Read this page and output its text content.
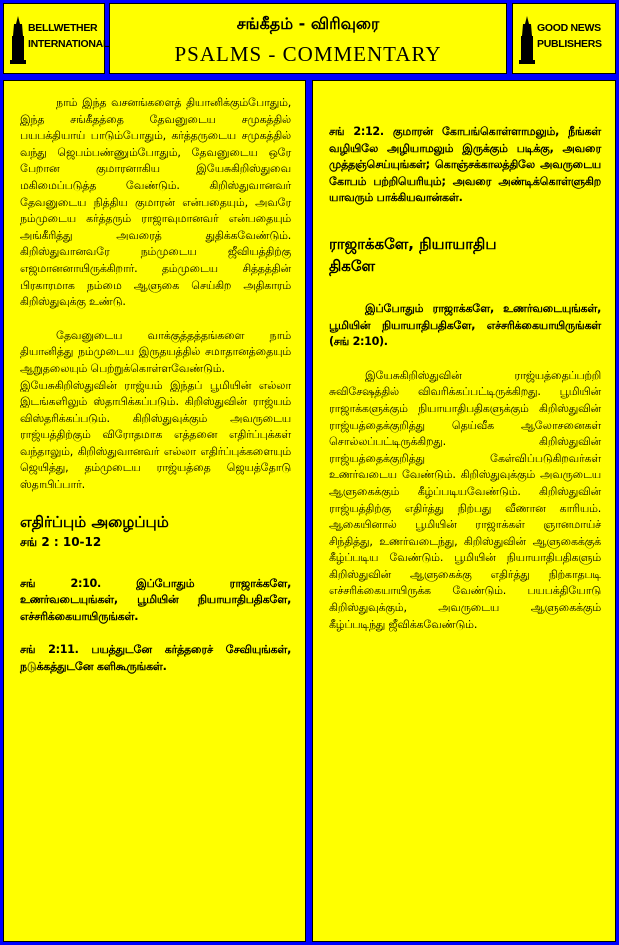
BELLWETHER
INTERNATIONAL
சங்கீதம் - விரிவுரை
PSALMS - COMMENTARY
GOOD NEWS
PUBLISHERS

நாம் இந்த வசனங்களைத் தியானிக்கும்போதும், இந்த சங்கீதத்தை தேவனுடைய சமுகத்தில் பயபக்தியாய் பாடும்போதும், கர்த்தருடைய சமுகத்தில் வந்து ஜெபம்பண்ணும்போதும், தேவனுடைய ஒரே பேறான குமாரனாகிய இயேசுகிறிஸ்துவை மகிமைப்படுத்த வேண்டும். கிறிஸ்துவானவர் தேவனுடைய நித்திய குமாரன் என்பதையும், அவரே நம்முடைய கர்த்தரும் ராஜாவுமானவர் என்பதையும் அங்கீரித்து அவரைத் துதிக்கவேண்டும். கிறிஸ்துவானவரே நம்முடைய ஜீவியத்திற்கு எஜமானனாயிருக்கிறார். தம்முடைய சித்தத்தின் பிரகாரமாக நம்மை ஆளுகை செய்கிற அதிகாரம் கிறிஸ்துவுக்கு உண்டு.

தேவனுடைய வாக்குத்தத்தங்களை நாம் தியானித்து நம்முடைய இருதயத்தில் சமாதானத்தையும் ஆறுதலையும் பெற்றுக்கொள்ளவேண்டும்.

இயேசுகிறிஸ்துவின் ராஜ்யம் இந்தப் பூமியின் எல்லா இடங்களிலும் ஸ்தாபிக்கப்படும். கிறிஸ்துவின் ராஜ்யம் விஸ்தரிக்கப்படும். கிறிஸ்துவுக்கும் அவருடைய ராஜ்யத்திற்கும் விரோதமாக எத்தனை எதிர்ப்புக்கள் வந்தாலும், கிறிஸ்துவானவர் எல்லா எதிர்ப்புக்களையும் ஜெயித்து, தம்முடைய ராஜ்யத்தை ஜெயத்தோடு ஸ்தாபிப்பார்.

எதிர்ப்பும் அழைப்பும்
சங் 2 : 10-12

சங் 2:10. இப்போதும் ராஜாக்களே, உணர்வடையுங்கள், பூமியின் நியாயாதிபதிகளே, எச்சரிக்கையாயிருங்கள்.

சங் 2:11. பயத்துடனே கர்த்தரைச் சேவியுங்கள், நடுக்கத்துடனே களிகூருங்கள்.

சங் 2:12. குமாரன் கோபங்கொள்ளாமலும், நீங்கள் வழியிலே அழியாமலும் இருக்கும் படிக்கு, அவரை முத்தஞ்செய்யுங்கள்; கொஞ்சக்காலத்திலே அவருடைய கோபம் பற்றியெரியும்; அவரை அண்டிக்கொள்ளுகிற யாவரும் பாக்கியவான்கள்.

ராஜாக்களே, நியாயாதிப திகளே

இப்போதும் ராஜாக்களே, உணர்வடையுங்கள், பூமியின் நியாயாதிபதிகளே, எச்சரிக்கையாயிருங்கள் (சங் 2:10).

இயேசுகிறிஸ்துவின் ராஜ்யத்தைப்பற்றி சுவிசேஷத்தில் விவரிக்கப்பட்டிருக்கிறது. பூமியின் ராஜாக்களுக்கும் நியாயாதிபதிகளுக்கும் கிறிஸ்துவின் ராஜ்யத்தைக்குறித்து தெய்வீக ஆலோசனைகள் சொல்லப்பட்டிருக்கிறது. கிறிஸ்துவின் ராஜ்யத்தைக்குறித்து கேள்விப்படுகிறவர்கள் உணர்வடைய வேண்டும். கிறிஸ்துவுக்கும் அவருடைய ஆளுகைக்கும் கீழ்ப்படியவேண்டும். கிறிஸ்துவின் ராஜ்யத்திற்கு எதிர்த்து நிற்பது வீணான காரியம். ஆகையினால் பூமியின் ராஜாக்கள் ஞானமாய்ச் சிந்தித்து, உணர்வடைந்து, கிறிஸ்துவின் ஆளுகைக்குக் கீழ்ப்படிய வேண்டும். பூமியின் நியாயாதிபதிகளும் கிறிஸ்துவின் ஆளுகைக்கு எதிர்த்து நிற்காதபடி எச்சரிக்கையாயிருக்க வேண்டும். பயபக்தியோடு கிறிஸ்துவுக்கும், அவருடைய ஆளுகைக்கும் கீழ்ப்படிந்து ஜீவிக்கவேண்டும்.
